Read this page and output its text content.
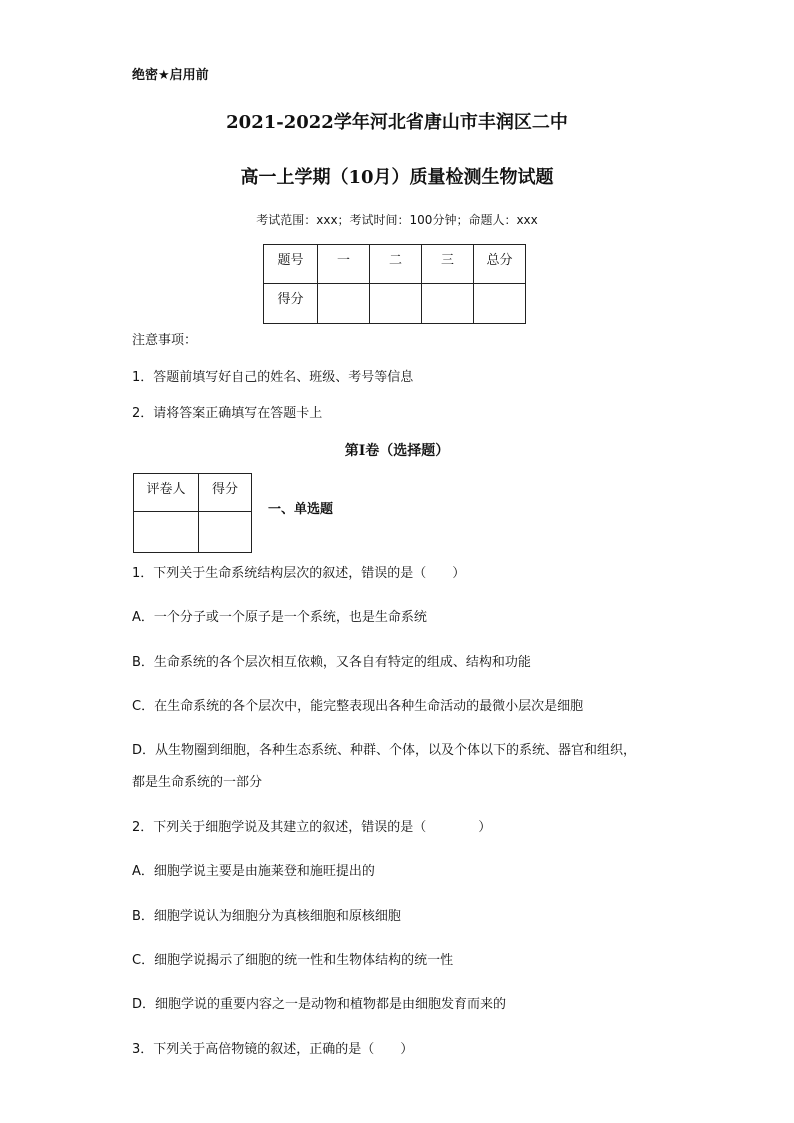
绝密★启用前
2021-2022学年河北省唐山市丰润区二中
高一上学期（10月）质量检测生物试题
考试范围：xxx；考试时间：100分钟；命题人：xxx
题号	一	二	三	总分
得分				
注意事项：
1．答题前填写好自己的姓名、班级、考号等信息
2．请将答案正确填写在答题卡上
第I卷（选择题）
评卷人	得分

一、单选题
1．下列关于生命系统结构层次的叙述，错误的是（　　）
A．一个分子或一个原子是一个系统，也是生命系统
B．生命系统的各个层次相互依赖，又各自有特定的组成、结构和功能
C．在生命系统的各个层次中，能完整表现出各种生命活动的最微小层次是细胞
D．从生物圈到细胞，各种生态系统、种群、个体，以及个体以下的系统、器官和组织，
都是生命系统的一部分
2．下列关于细胞学说及其建立的叙述，错误的是（　　　　）
A．细胞学说主要是由施莱登和施旺提出的
B．细胞学说认为细胞分为真核细胞和原核细胞
C．细胞学说揭示了细胞的统一性和生物体结构的统一性
D．细胞学说的重要内容之一是动物和植物都是由细胞发育而来的
3．下列关于高倍物镜的叙述，正确的是（　　）
